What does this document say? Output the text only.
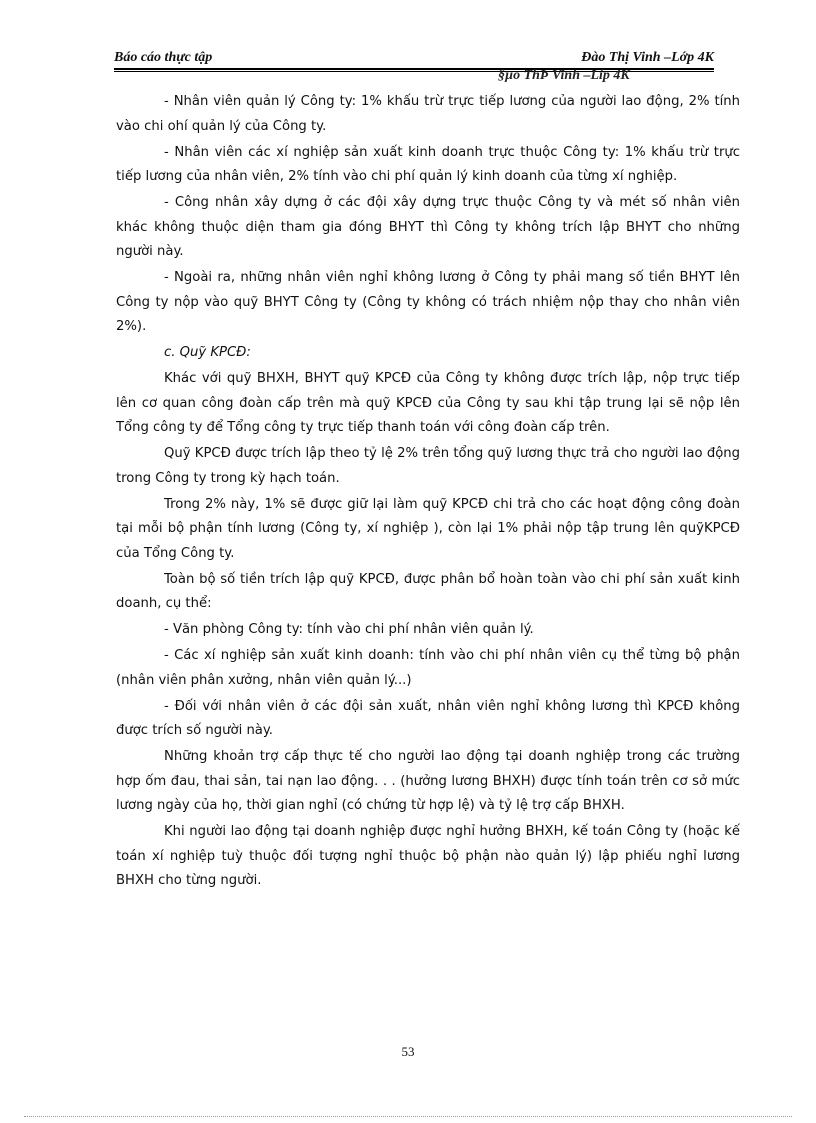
Báo cáo thực tập	Đào Thị Vinh –Lớp 4K
§µo ThÞ Vinh –Líp 4K

- Nhân viên quản lý Công ty: 1% khấu trừ trực tiếp lương của người lao động, 2% tính vào chi ohí quản lý của Công ty.

- Nhân viên các xí nghiệp sản xuất kinh doanh trực thuộc Công ty: 1% khấu trừ trực tiếp lương của nhân viên, 2% tính vào chi phí quản lý kinh doanh của từng xí nghiệp.

- Công nhân xây dựng ở các đội xây dựng trực thuộc Công ty và mét số nhân viên khác không thuộc diện tham gia đóng BHYT thì Công ty không trích lập BHYT cho những người này.

- Ngoài ra, những nhân viên nghỉ không lương ở Công ty phải mang số tiền BHYT lên Công ty nộp vào quỹ BHYT Công ty (Công ty không có trách nhiệm nộp thay cho nhân viên 2%).

c. Quỹ KPCĐ:

Khác với quỹ BHXH, BHYT quỹ KPCĐ của Công ty không được trích lập, nộp trực tiếp lên cơ quan công đoàn cấp trên mà quỹ KPCĐ của Công ty sau khi tập trung lại sẽ nộp lên Tổng công ty để Tổng công ty trực tiếp thanh toán với công đoàn cấp trên.

Quỹ KPCĐ được trích lập theo tỷ lệ 2% trên tổng quỹ lương thực trả cho người lao động trong Công ty trong kỳ hạch toán.

Trong 2% này, 1% sẽ được giữ lại làm quỹ KPCĐ chi trả cho các hoạt động công đoàn tại mỗi bộ phận tính lương (Công ty, xí nghiệp ), còn lại 1% phải nộp tập trung lên quỹKPCĐ của Tổng Công ty.

Toàn bộ số tiền trích lập quỹ KPCĐ, được phân bổ hoàn toàn vào chi phí sản xuất kinh doanh, cụ thể:

- Văn phòng Công ty: tính vào chi phí nhân viên quản lý.

- Các xí nghiệp sản xuất kinh doanh: tính vào chi phí nhân viên cụ thể từng bộ phận (nhân viên phân xưởng, nhân viên quản lý...)

- Đối với nhân viên ở các đội sản xuất, nhân viên nghỉ không lương thì KPCĐ không được trích số người này.

Những khoản trợ cấp thực tế cho người lao động tại doanh nghiệp trong các trường hợp ốm đau, thai sản, tai nạn lao động. . . (hưởng lương BHXH) được tính toán trên cơ sở mức lương ngày của họ, thời gian nghỉ (có chứng từ hợp lệ) và tỷ lệ trợ cấp BHXH.

Khi người lao động tại doanh nghiệp được nghỉ hưởng BHXH, kế toán Công ty (hoặc kế toán xí nghiệp tuỳ thuộc đối tượng nghỉ thuộc bộ phận nào quản lý) lập phiếu nghỉ lương BHXH cho từng người.

53
